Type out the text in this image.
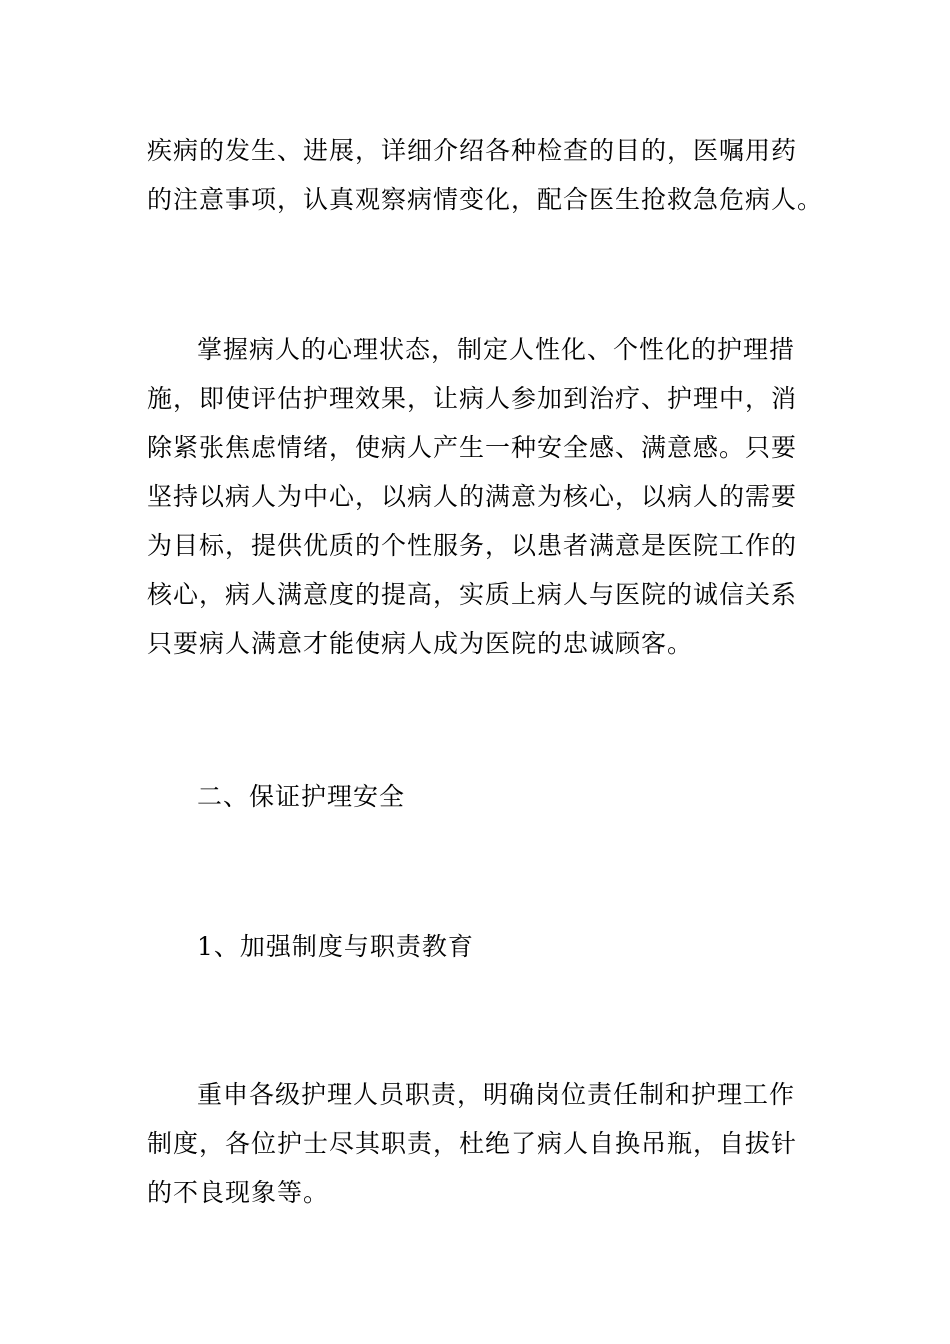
疾病的发生、进展，详细介绍各种检查的目的，医嘱用药
的注意事项，认真观察病情变化，配合医生抢救急危病人。
掌握病人的心理状态，制定人性化、个性化的护理措
施，即使评估护理效果，让病人参加到治疗、护理中，消
除紧张焦虑情绪，使病人产生一种安全感、满意感。只要
坚持以病人为中心，以病人的满意为核心，以病人的需要
为目标，提供优质的个性服务，以患者满意是医院工作的
核心，病人满意度的提高，实质上病人与医院的诚信关系
只要病人满意才能使病人成为医院的忠诚顾客。
二、保证护理安全
1、加强制度与职责教育
重申各级护理人员职责，明确岗位责任制和护理工作
制度，各位护士尽其职责，杜绝了病人自换吊瓶，自拔针
的不良现象等。
